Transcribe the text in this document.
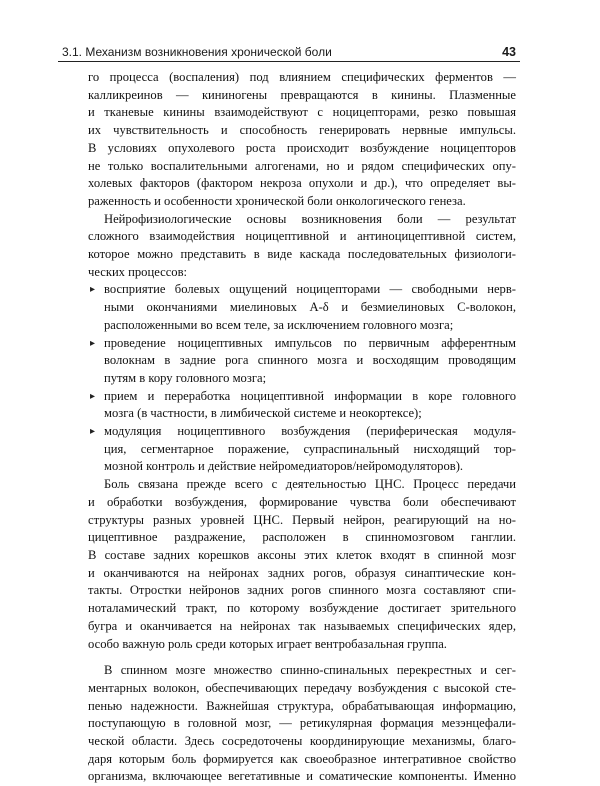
3.1. Механизм возникновения хронической боли	43
го процесса (воспаления) под влиянием специфических ферментов —
калликреинов — кининогены превращаются в кинины. Плазменные
и тканевые кинины взаимодействуют с ноцицепторами, резко повышая
их чувствительность и способность генерировать нервные импульсы.
В условиях опухолевого роста происходит возбуждение ноцицепторов
не только воспалительными алгогенами, но и рядом специфических опу-
холевых факторов (фактором некроза опухоли и др.), что определяет вы-
раженность и особенности хронической боли онкологического генеза.
Нейрофизиологические основы возникновения боли — результат
сложного взаимодействия ноцицептивной и антиноцицептивной систем,
которое можно представить в виде каскада последовательных физиологи-
ческих процессов:
▸ восприятие болевых ощущений ноцицепторами — свободными нерв-
ными окончаниями миелиновых А-δ и безмиелиновых С-волокон,
расположенными во всем теле, за исключением головного мозга;
▸ проведение ноцицептивных импульсов по первичным афферентным
волокнам в задние рога спинного мозга и восходящим проводящим
путям в кору головного мозга;
▸ прием и переработка ноцицептивной информации в коре головного
мозга (в частности, в лимбической системе и неокортексе);
▸ модуляция ноцицептивного возбуждения (периферическая модуля-
ция, сегментарное поражение, супраспинальный нисходящий тор-
мозной контроль и действие нейромедиаторов/нейромодуляторов).
Боль связана прежде всего с деятельностью ЦНС. Процесс передачи
и обработки возбуждения, формирование чувства боли обеспечивают
структуры разных уровней ЦНС. Первый нейрон, реагирующий на но-
цицептивное раздражение, расположен в спинномозговом ганглии.
В составе задних корешков аксоны этих клеток входят в спинной мозг
и оканчиваются на нейронах задних рогов, образуя синаптические кон-
такты. Отростки нейронов задних рогов спинного мозга составляют спи-
ноталамический тракт, по которому возбуждение достигает зрительного
бугра и оканчивается на нейронах так называемых специфических ядер,
особо важную роль среди которых играет вентробазальная группа.
В спинном мозге множество спинно-спинальных перекрестных и сег-
ментарных волокон, обеспечивающих передачу возбуждения с высокой сте-
пенью надежности. Важнейшая структура, обрабатывающая информацию,
поступающую в головной мозг, — ретикулярная формация мезэнцефали-
ческой области. Здесь сосредоточены координирующие механизмы, благо-
даря которым боль формируется как своеобразное интегративное свойство
организма, включающее вегетативные и соматические компоненты. Именно
